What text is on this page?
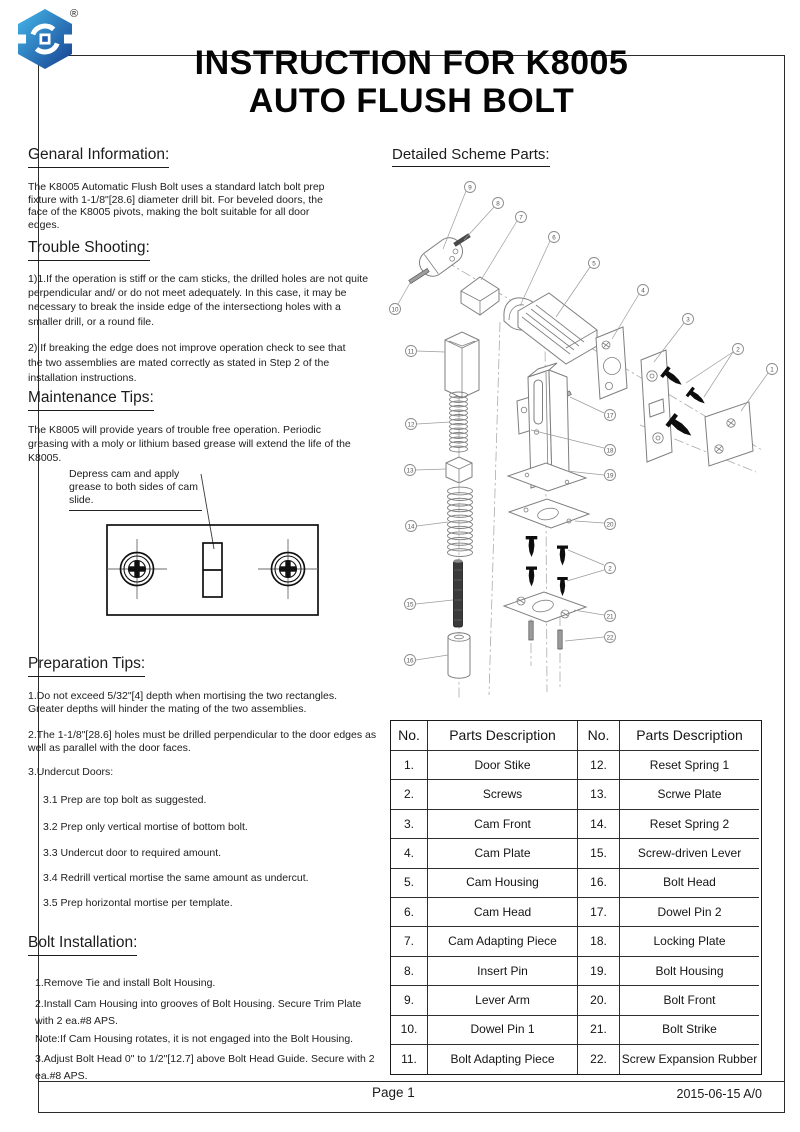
®
INSTRUCTION FOR K8005
AUTO FLUSH BOLT
Genaral Information:
The K8005 Automatic Flush Bolt uses a standard latch bolt prep fixture with 1-1/8"[28.6] diameter drill bit. For beveled doors, the face of the K8005 pivots, making the bolt suitable for all door edges.
Trouble Shooting:
1)1.If the operation is stiff or the cam sticks, the drilled holes are not quite perpendicular and/ or do not meet adequately. In this case, it may be necessary to break the inside edge of the intersectiong holes with a smaller drill, or a round file.
2) If breaking the edge does not improve operation check to see that the two assemblies are mated correctly as stated in Step 2 of the installation instructions.
Maintenance Tips:
The K8005 will provide years of trouble free operation. Periodic greasing with a moly or lithium based grease will extend the life of the K8005.
Depress cam and apply grease to both sides of cam slide.
Preparation Tips:
1.Do not exceed 5/32"[4] depth when mortising the two rectangles. Greater depths will hinder the mating of the two assemblies.
2.The 1-1/8"[28.6] holes must be drilled perpendicular to the door edges as well as parallel with the door faces.
3.Undercut Doors:
3.1 Prep are top bolt as suggested.
3.2 Prep only vertical mortise of bottom bolt.
3.3 Undercut door to required amount.
3.4 Redrill vertical mortise the same amount as undercut.
3.5 Prep horizontal mortise per template.
Bolt Installation:
1.Remove Tie and install Bolt Housing.
2.Install Cam Housing into grooves of Bolt Housing. Secure Trim Plate with 2 ea.#8 APS.
Note:If Cam Housing rotates, it is not engaged into the Bolt Housing.
3.Adjust Bolt Head 0" to 1/2"[12.7] above Bolt Head Guide. Secure with 2 ea.#8 APS.
Detailed Scheme Parts:
1
2
3
4
5
6
7
8
9
10
11
12
13
14
15
16
17
18
19
20
2
21
22
No.	Parts Description	No.	Parts Description
1.	Door Stike	12.	Reset Spring 1
2.	Screws	13.	Scrwe Plate
3.	Cam Front	14.	Reset Spring 2
4.	Cam Plate	15.	Screw-driven Lever
5.	Cam Housing	16.	Bolt Head
6.	Cam Head	17.	Dowel Pin 2
7.	Cam Adapting Piece	18.	Locking Plate
8.	Insert Pin	19.	Bolt Housing
9.	Lever Arm	20.	Bolt Front
10.	Dowel Pin 1	21.	Bolt Strike
11.	Bolt Adapting Piece	22.	Screw Expansion Rubber
Page 1	2015-06-15 A/0
